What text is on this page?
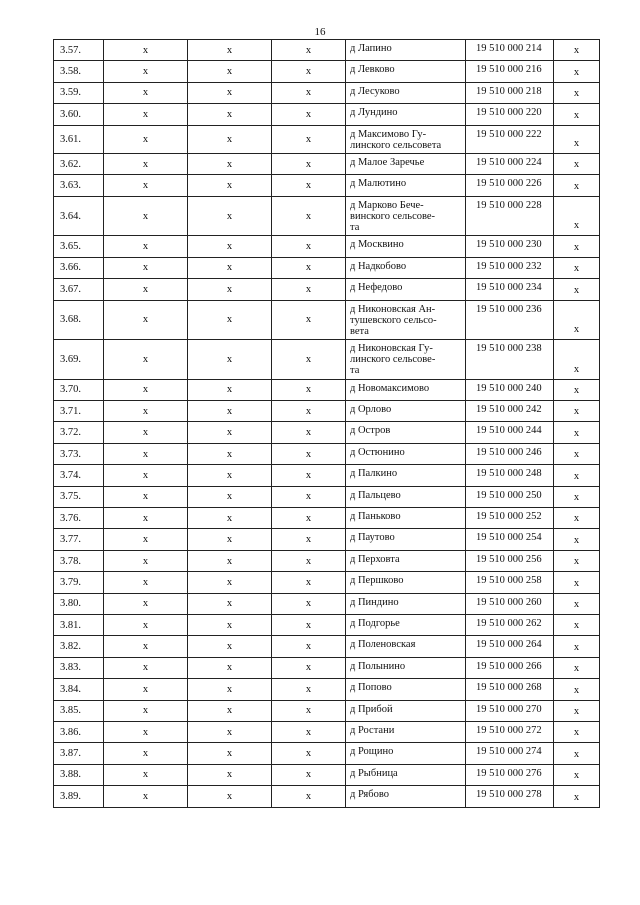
16
3.57.	x	x	x	д Лапино	19 510 000 214	x
3.58.	x	x	x	д Левково	19 510 000 216	x
3.59.	x	x	x	д Лесуково	19 510 000 218	x
3.60.	x	x	x	д Лундино	19 510 000 220	x
3.61.	x	x	x	д Максимово Гу-
линского сельсовета	19 510 000 222	x
3.62.	x	x	x	д Малое Заречье	19 510 000 224	x
3.63.	x	x	x	д Малютино	19 510 000 226	x
3.64.	x	x	x	д Марково Бече-
винского сельсове-
та	19 510 000 228	x
3.65.	x	x	x	д Москвино	19 510 000 230	x
3.66.	x	x	x	д Надкобово	19 510 000 232	x
3.67.	x	x	x	д Нефедово	19 510 000 234	x
3.68.	x	x	x	д Никоновская Ан-
тушевского сельсо-
вета	19 510 000 236	x
3.69.	x	x	x	д Никоновская Гу-
линского сельсове-
та	19 510 000 238	x
3.70.	x	x	x	д Новомаксимово	19 510 000 240	x
3.71.	x	x	x	д Орлово	19 510 000 242	x
3.72.	x	x	x	д Остров	19 510 000 244	x
3.73.	x	x	x	д Остюнино	19 510 000 246	x
3.74.	x	x	x	д Палкино	19 510 000 248	x
3.75.	x	x	x	д Пальцево	19 510 000 250	x
3.76.	x	x	x	д Паньково	19 510 000 252	x
3.77.	x	x	x	д Паутово	19 510 000 254	x
3.78.	x	x	x	д Перховта	19 510 000 256	x
3.79.	x	x	x	д Першково	19 510 000 258	x
3.80.	x	x	x	д Пиндино	19 510 000 260	x
3.81.	x	x	x	д Подгорье	19 510 000 262	x
3.82.	x	x	x	д Поленовская	19 510 000 264	x
3.83.	x	x	x	д Полынино	19 510 000 266	x
3.84.	x	x	x	д Попово	19 510 000 268	x
3.85.	x	x	x	д Прибой	19 510 000 270	x
3.86.	x	x	x	д Ростани	19 510 000 272	x
3.87.	x	x	x	д Рощино	19 510 000 274	x
3.88.	x	x	x	д Рыбница	19 510 000 276	x
3.89.	x	x	x	д Рябово	19 510 000 278	x
